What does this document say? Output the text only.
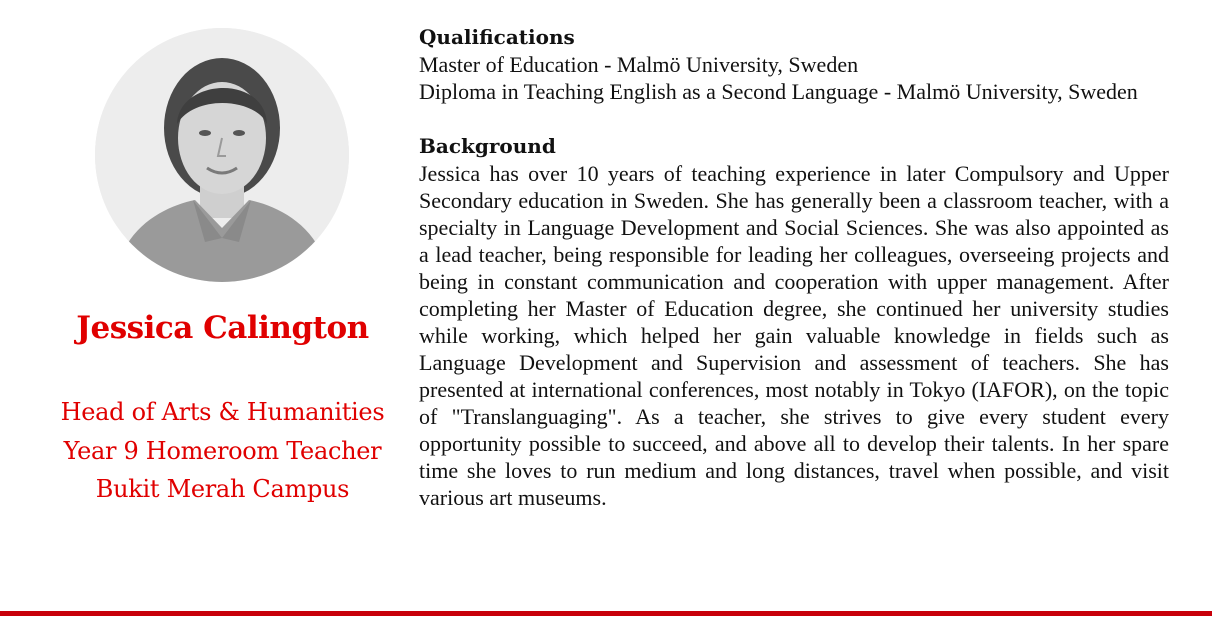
Jessica Calington
Head of Arts & Humanities
Year 9 Homeroom Teacher
Bukit Merah Campus
Qualifications
Master of Education - Malmö University, Sweden
Diploma in Teaching English as a Second Language - Malmö University, Sweden
Background

Jessica has over 10 years of teaching experience in later Compulsory and Upper Secondary education in Sweden. She has generally been a classroom teacher, with a specialty in Language Development and Social Sciences. She was also appointed as a lead teacher, being responsible for leading her colleagues, overseeing projects and being in constant communication and cooperation with upper management. After completing her Master of Education degree, she continued her university studies while working, which helped her gain valuable knowledge in fields such as Language Development and Supervision and assessment of teachers. She has presented at international conferences, most notably in Tokyo (IAFOR), on the topic of "Translanguaging". As a teacher, she strives to give every student every opportunity possible to succeed, and above all to develop their talents. In her spare time she loves to run medium and long distances, travel when possible, and visit various art museums.
